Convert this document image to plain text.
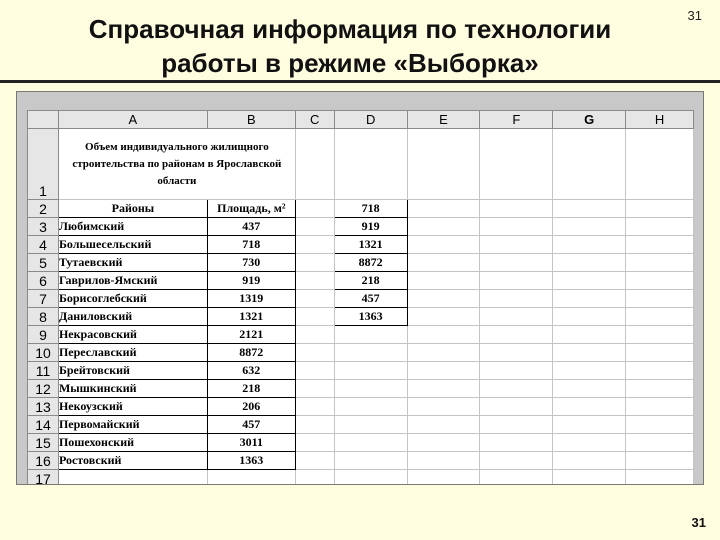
Справочная информация по технологии работы в режиме «Выборка»
31
	A	B	C	D	E	F	G	H
1	Объем индивидуального жилищного строительства по районам в Ярославской области							
2	Районы	Площадь, м²		718				
3	Любимский	437		919				
4	Большесельский	718		1321				
5	Тутаевский	730		8872				
6	Гаврилов-Ямский	919		218				
7	Борисоглебский	1319		457				
8	Даниловский	1321		1363				
9	Некрасовский	2121						
10	Переславский	8872						
11	Брейтовский	632						
12	Мышкинский	218						
13	Некоузский	206						
14	Первомайский	457						
15	Пошехонский	3011						
16	Ростовский	1363						
17								
31
